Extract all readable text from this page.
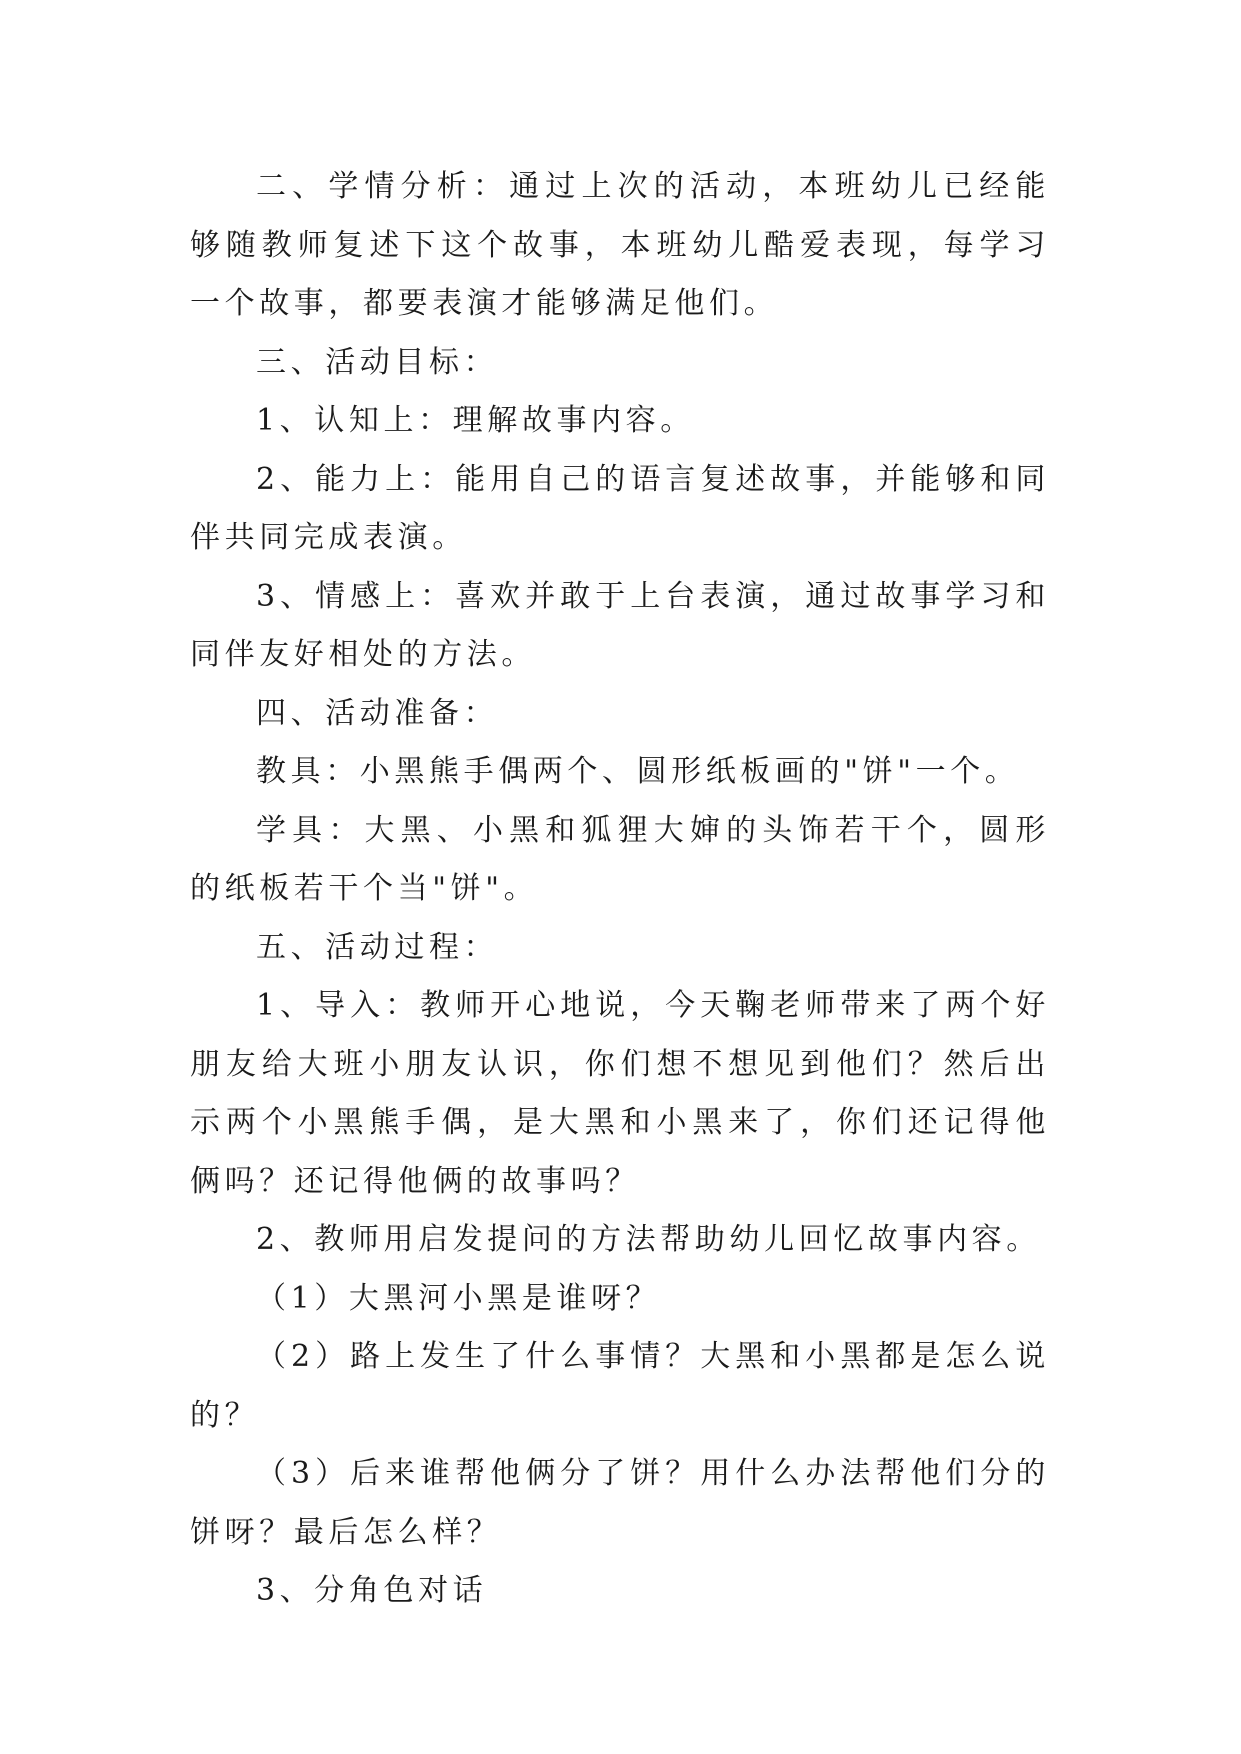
二、学情分析：通过上次的活动，本班幼儿已经能够随教师复述下这个故事，本班幼儿酷爱表现，每学习一个故事，都要表演才能够满足他们。

三、活动目标：

1、认知上：理解故事内容。

2、能力上：能用自己的语言复述故事，并能够和同伴共同完成表演。

3、情感上：喜欢并敢于上台表演，通过故事学习和同伴友好相处的方法。

四、活动准备：

教具：小黑熊手偶两个、圆形纸板画的"饼"一个。

学具：大黑、小黑和狐狸大婶的头饰若干个，圆形的纸板若干个当"饼"。

五、活动过程：

1、导入：教师开心地说，今天鞠老师带来了两个好朋友给大班小朋友认识，你们想不想见到他们？然后出示两个小黑熊手偶，是大黑和小黑来了，你们还记得他俩吗？还记得他俩的故事吗？

2、教师用启发提问的方法帮助幼儿回忆故事内容。

（1）大黑河小黑是谁呀？

（2）路上发生了什么事情？大黑和小黑都是怎么说的？

（3）后来谁帮他俩分了饼？用什么办法帮他们分的饼呀？最后怎么样？

3、分角色对话
